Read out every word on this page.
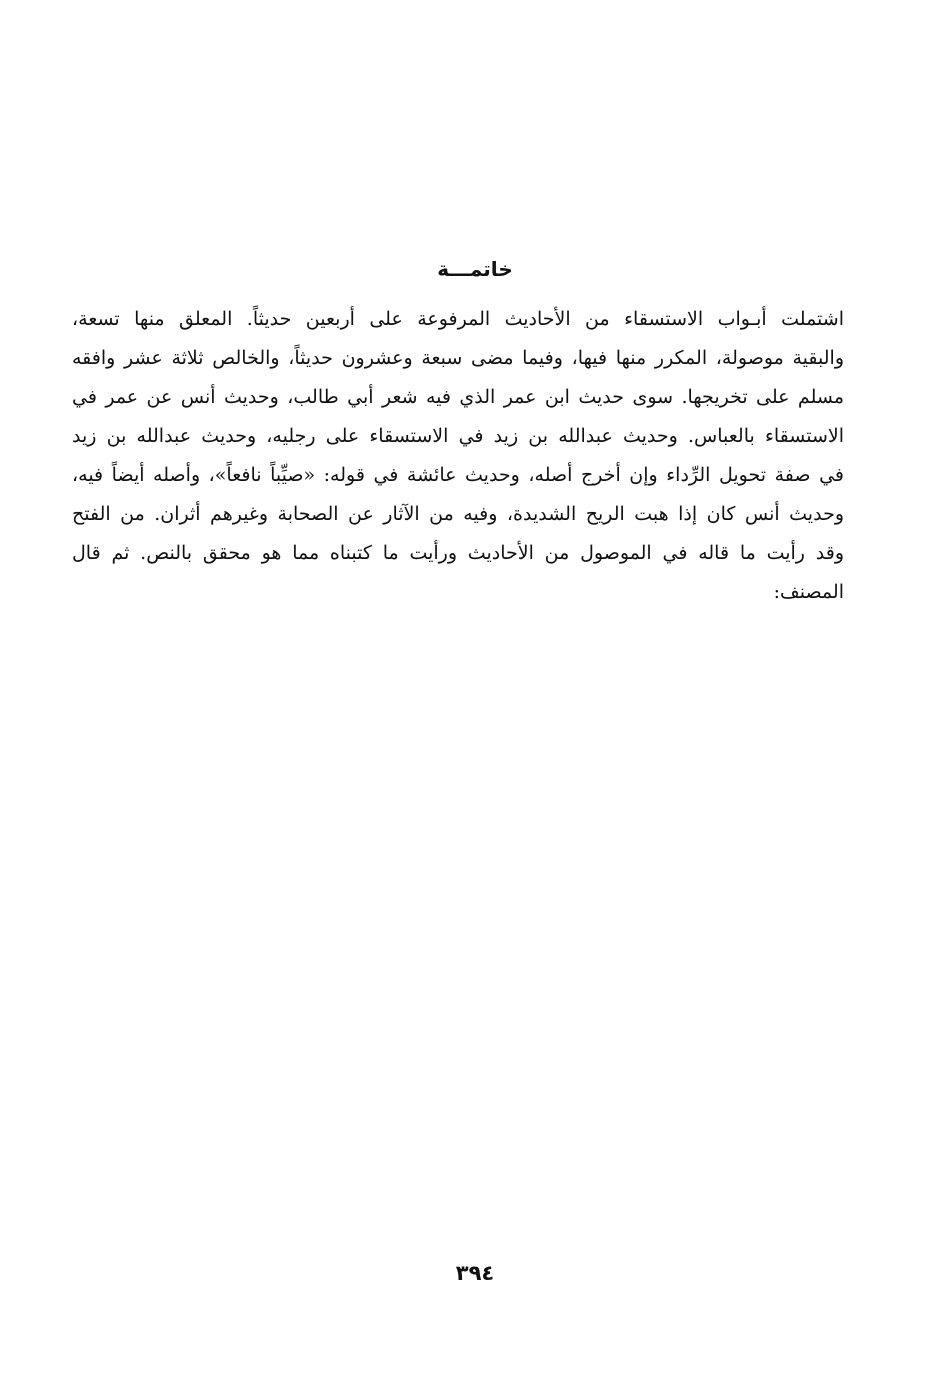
خاتمـــة
اشتملت أبـواب الاستسقاء من الأحاديث المرفوعة على أربعين حديثاً. المعلق منها تسعة،
والبقية موصولة، المكرر منها فيها، وفيما مضى سبعة وعشرون حديثاً، والخالص ثلاثة عشر وافقه
مسلم على تخريجها. سوى حديث ابن عمر الذي فيه شعر أبي طالب، وحديث أنس عن عمر في
الاستسقاء بالعباس. وحديث عبدالله بن زيد في الاستسقاء على رجليه، وحديث عبدالله بن زيد
في صفة تحويل الرِّداء وإن أخرج أصله، وحديث عائشة في قوله: «صيِّباً نافعاً»، وأصله أيضاً فيه،
وحديث أنس كان إذا هبت الريح الشديدة، وفيه من الآثار عن الصحابة وغيرهم أثران. من الفتح
وقد رأيت ما قاله في الموصول من الأحاديث ورأيت ما كتبناه مما هو محقق بالنص. ثم قال
المصنف:
٣٩٤
